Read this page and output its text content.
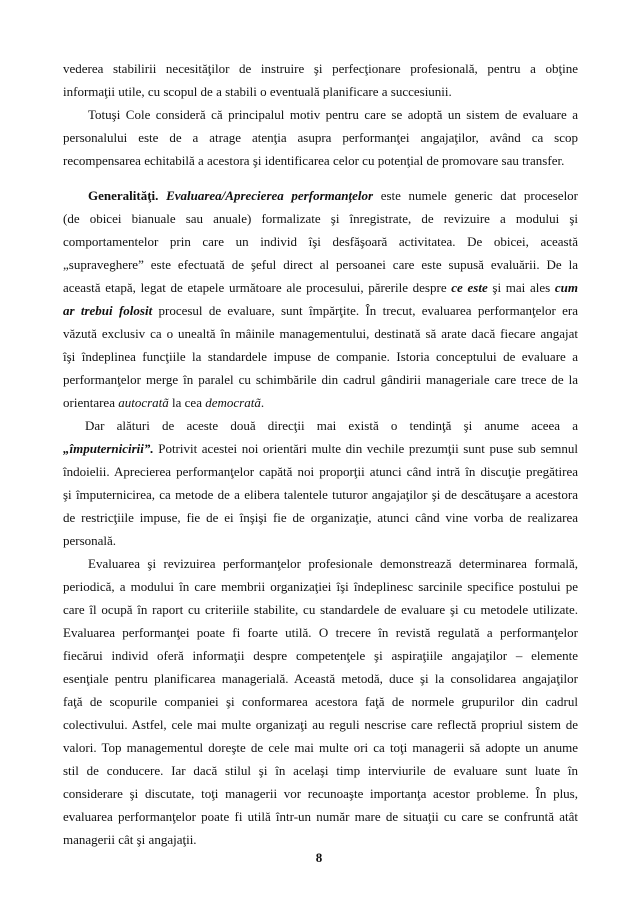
vederea stabilirii necesităţilor de instruire şi perfecţionare profesională, pentru a obţine
informaţii utile, cu scopul de a stabili o eventuală planificare a succesiunii.
Totuşi Cole consideră că principalul motiv pentru care se adoptă un sistem de evaluare a
personalului este de a atrage atenţia asupra performanţei angajaţilor, având ca scop
recompensarea echitabilă a acestora şi identificarea celor cu potenţial de promovare sau transfer.
Generalităţi. Evaluarea/Aprecierea performanţelor este numele generic dat proceselor
(de obicei bianuale sau anuale) formalizate şi înregistrate, de revizuire a modului şi
comportamentelor prin care un individ îşi desfăşoară activitatea. De obicei, această
„supraveghere” este efectuată de şeful direct al persoanei care este supusă evaluării. De la
această etapă, legat de etapele următoare ale procesului, părerile despre ce este şi mai ales cum
ar trebui folosit procesul de evaluare, sunt împărţite. În trecut, evaluarea performanţelor era
văzută exclusiv ca o unealtă în mâinile managementului, destinată să arate dacă fiecare angajat
îşi îndeplinea funcţiile la standardele impuse de companie. Istoria conceptului de evaluare a
performanţelor merge în paralel cu schimbările din cadrul gândirii manageriale care trece de la
orientarea autocratã la cea democratã.
Dar alături de aceste două direcţii mai există o tendinţă şi anume aceea a
„împuternicirii”. Potrivit acestei noi orientări multe din vechile prezumţii sunt puse sub semnul
îndoielii. Aprecierea performanţelor capătă noi proporţii atunci când intră în discuţie pregătirea
şi împuternicirea, ca metode de a elibera talentele tuturor angajaţilor şi de descătuşare a acestora
de restricţiile impuse, fie de ei înşişi fie de organizaţie, atunci când vine vorba de realizarea
personală.
Evaluarea şi revizuirea performanţelor profesionale demonstrează determinarea formală,
periodică, a modului în care membrii organizaţiei îşi îndeplinesc sarcinile specifice postului pe
care îl ocupă în raport cu criteriile stabilite, cu standardele de evaluare şi cu metodele utilizate.
Evaluarea performanţei poate fi foarte utilă. O trecere în revistă regulată a performanţelor
fiecărui individ oferă informaţii despre competenţele şi aspiraţiile angajaţilor – elemente
esenţiale pentru planificarea managerială. Această metodă, duce şi la consolidarea angajaţilor
faţă de scopurile companiei şi conformarea acestora faţă de normele grupurilor din cadrul
colectivului. Astfel, cele mai multe organizaţi au reguli nescrise care reflectă propriul sistem de
valori. Top managementul doreşte de cele mai multe ori ca toţi managerii să adopte un anume
stil de conducere. Iar dacă stilul şi în acelaşi timp interviurile de evaluare sunt luate în
considerare şi discutate, toţi managerii vor recunoaşte importanţa acestor probleme. În plus,
evaluarea performanţelor poate fi utilă într-un număr mare de situaţii cu care se confruntă atât
managerii cât şi angajaţii.
8
